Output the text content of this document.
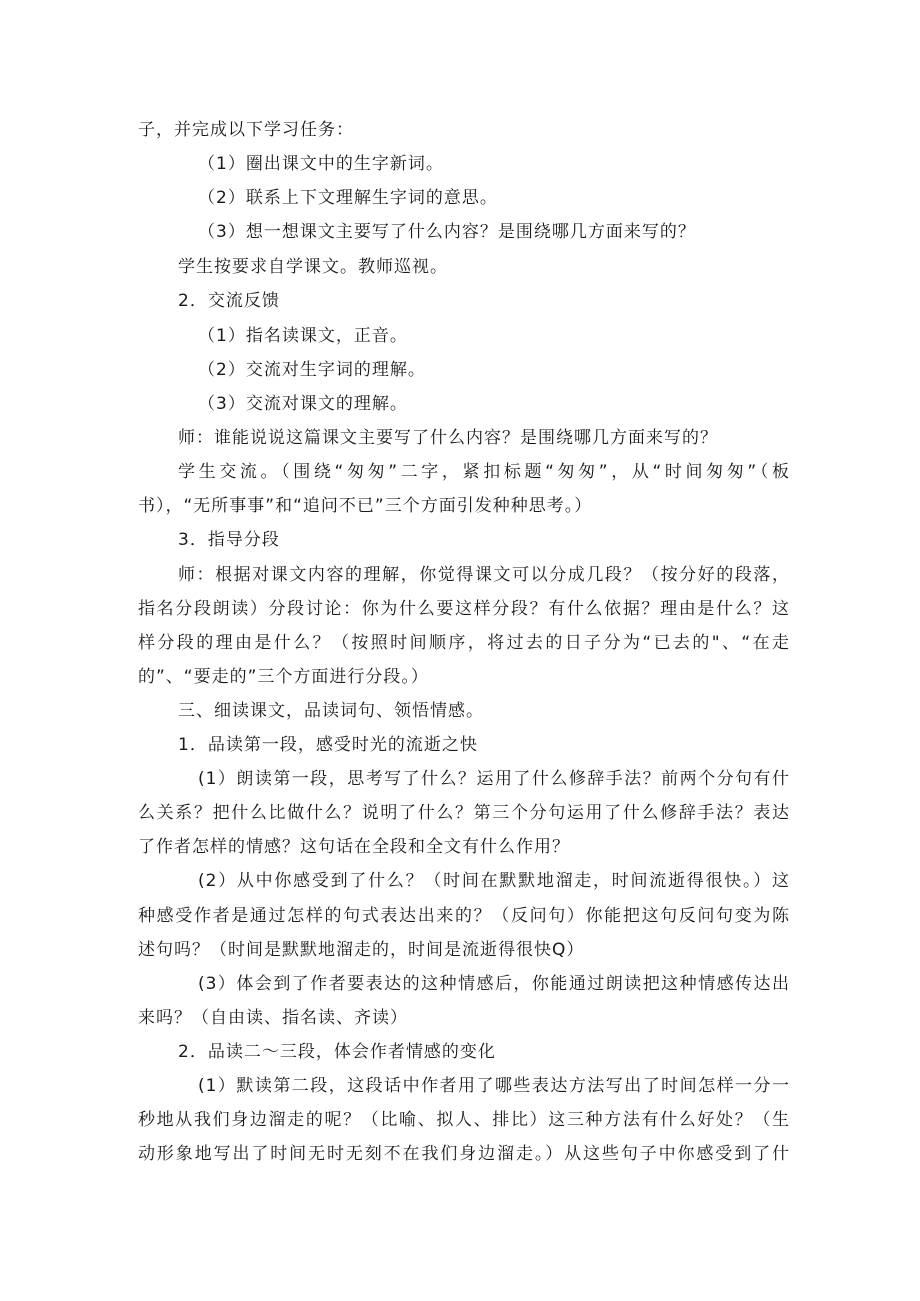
子，并完成以下学习任务：
（1）圈出课文中的生字新词。
（2）联系上下文理解生字词的意思。
（3）想一想课文主要写了什么内容？是围绕哪几方面来写的？
学生按要求自学课文。教师巡视。
2．交流反馈
（1）指名读课文，正音。
（2）交流对生字词的理解。
（3）交流对课文的理解。
师：谁能说说这篇课文主要写了什么内容？是围绕哪几方面来写的？
学生交流。（围绕“匆匆”二字，紧扣标题“匆匆”，从“时间匆匆”（板
书），“无所事事”和“追问不已”三个方面引发种种思考。）
3．指导分段
师：根据对课文内容的理解，你觉得课文可以分成几段？（按分好的段落，
指名分段朗读）分段讨论：你为什么要这样分段？有什么依据？理由是什么？这
样分段的理由是什么？（按照时间顺序，将过去的日子分为“已去的"、“在走
的”、“要走的”三个方面进行分段。）
三、细读课文，品读词句、领悟情感。
1．品读第一段，感受时光的流逝之快
(1）朗读第一段，思考写了什么？运用了什么修辞手法？前两个分句有什
么关系？把什么比做什么？说明了什么？第三个分句运用了什么修辞手法？表达
了作者怎样的情感？这句话在全段和全文有什么作用？
(2）从中你感受到了什么？（时间在默默地溜走，时间流逝得很快。）这
种感受作者是通过怎样的句式表达出来的？（反问句）你能把这句反问句变为陈
述句吗？（时间是默默地溜走的，时间是流逝得很快Q）
(3）体会到了作者要表达的这种情感后，你能通过朗读把这种情感传达出
来吗？（自由读、指名读、齐读）
2．品读二～三段，体会作者情感的变化
(1）默读第二段，这段话中作者用了哪些表达方法写出了时间怎样一分一
秒地从我们身边溜走的呢？（比喻、拟人、排比）这三种方法有什么好处？（生
动形象地写出了时间无时无刻不在我们身边溜走。）从这些句子中你感受到了什
